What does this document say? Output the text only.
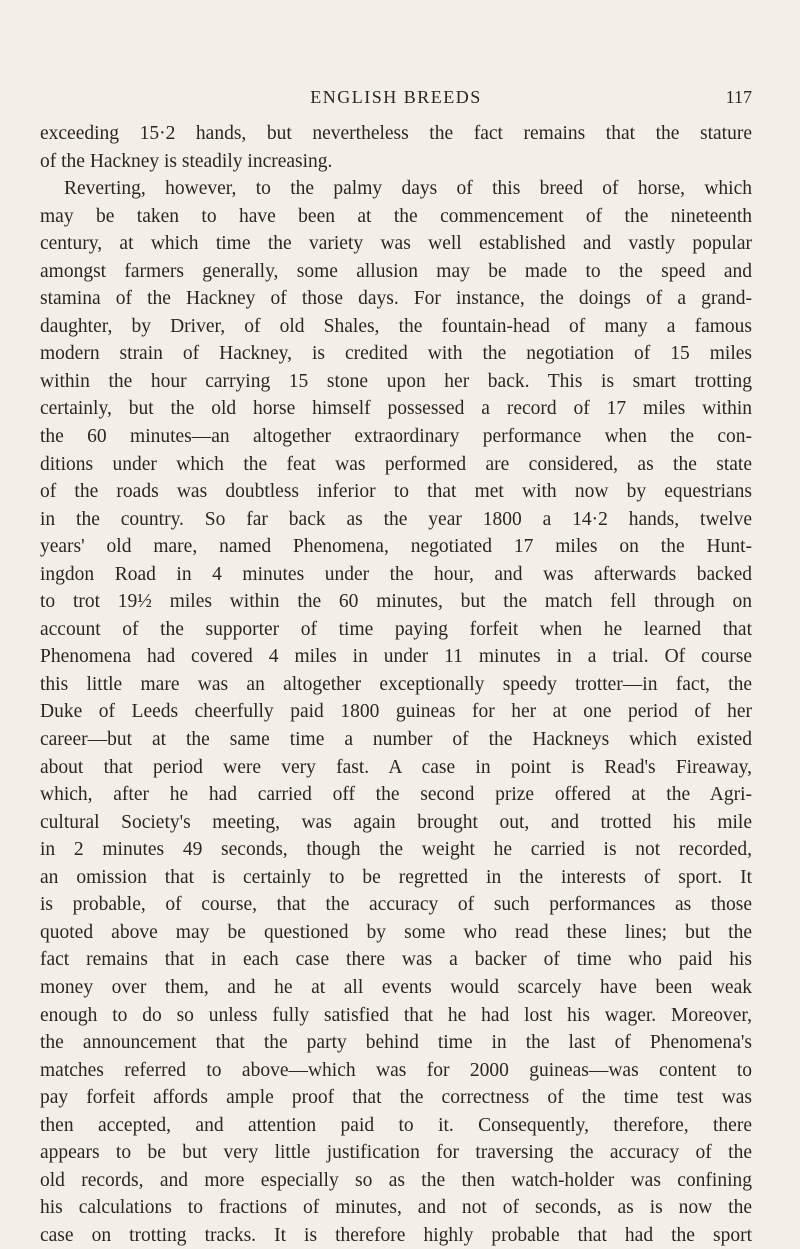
ENGLISH BREEDS	117
exceeding 15·2 hands, but nevertheless the fact remains that the stature
of the Hackney is steadily increasing.
Reverting, however, to the palmy days of this breed of horse, which
may be taken to have been at the commencement of the nineteenth
century, at which time the variety was well established and vastly popular
amongst farmers generally, some allusion may be made to the speed and
stamina of the Hackney of those days. For instance, the doings of a grand-
daughter, by Driver, of old Shales, the fountain-head of many a famous
modern strain of Hackney, is credited with the negotiation of 15 miles
within the hour carrying 15 stone upon her back. This is smart trotting
certainly, but the old horse himself possessed a record of 17 miles within
the 60 minutes—an altogether extraordinary performance when the con-
ditions under which the feat was performed are considered, as the state
of the roads was doubtless inferior to that met with now by equestrians
in the country. So far back as the year 1800 a 14·2 hands, twelve
years' old mare, named Phenomena, negotiated 17 miles on the Hunt-
ingdon Road in 4 minutes under the hour, and was afterwards backed
to trot 19½ miles within the 60 minutes, but the match fell through on
account of the supporter of time paying forfeit when he learned that
Phenomena had covered 4 miles in under 11 minutes in a trial. Of course
this little mare was an altogether exceptionally speedy trotter—in fact, the
Duke of Leeds cheerfully paid 1800 guineas for her at one period of her
career—but at the same time a number of the Hackneys which existed
about that period were very fast. A case in point is Read's Fireaway,
which, after he had carried off the second prize offered at the Agri-
cultural Society's meeting, was again brought out, and trotted his mile
in 2 minutes 49 seconds, though the weight he carried is not recorded,
an omission that is certainly to be regretted in the interests of sport. It
is probable, of course, that the accuracy of such performances as those
quoted above may be questioned by some who read these lines; but the
fact remains that in each case there was a backer of time who paid his
money over them, and he at all events would scarcely have been weak
enough to do so unless fully satisfied that he had lost his wager. Moreover,
the announcement that the party behind time in the last of Phenomena's
matches referred to above—which was for 2000 guineas—was content to
pay forfeit affords ample proof that the correctness of the time test was
then accepted, and attention paid to it. Consequently, therefore, there
appears to be but very little justification for traversing the accuracy of the
old records, and more especially so as the then watch-holder was confining
his calculations to fractions of minutes, and not of seconds, as is now the
case on trotting tracks. It is therefore highly probable that had the sport
